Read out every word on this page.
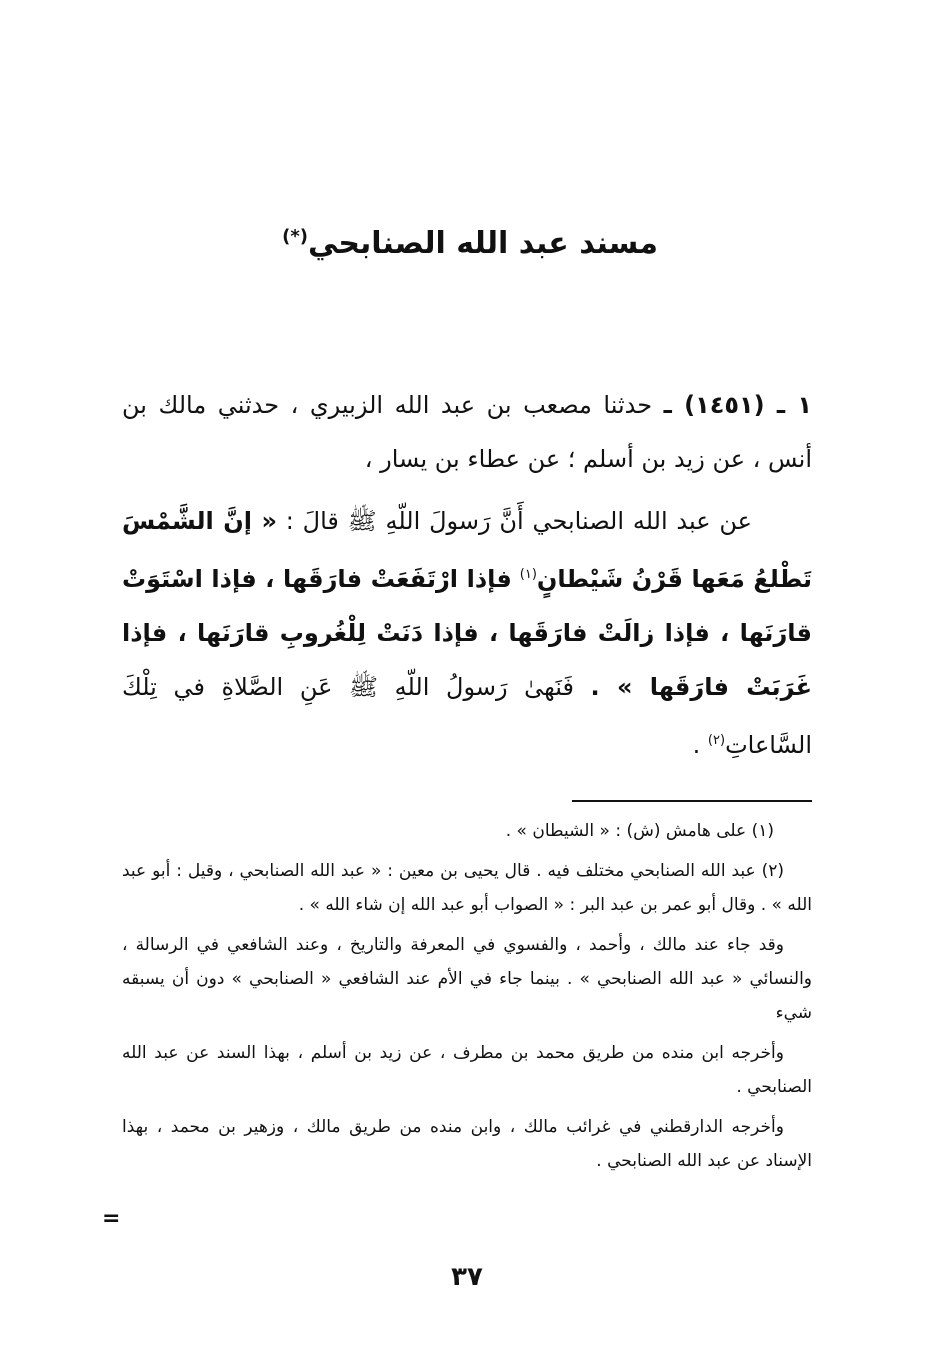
مسند عبد الله الصنابحي(*)
١ ـ (١٤٥١) ـ حدثنا مصعب بن عبد الله الزبيري ، حدثني مالك بن أنس ، عن زيد بن أسلم ؛ عن عطاء بن يسار ،
عن عبد الله الصنابحي أَنَّ رَسولَ اللّهِ ﷺ قالَ : « إنَّ الشَّمْسَ تَطْلعُ مَعَها قَرْنُ شَيْطانٍ$^{(١)}$ فإذا ارْتَفَعَتْ فارَقَها ، فإذا اسْتَوَتْ قارَنَها ، فإذا زالَتْ فارَقَها ، فإذا دَنَتْ لِلْغُروبِ قارَنَها ، فإذا غَرَبَتْ فارَقَها » . فَنَهىٰ رَسولُ اللّهِ ﷺ عَنِ الصَّلاةِ في تِلْكَ السَّاعاتِ$^{(٢)}$ .

(١) على هامش (ش) : « الشيطان » .

(٢) عبد الله الصنابحي مختلف فيه . قال يحيى بن معين : « عبد الله الصنابحي ، وقيل : أبو عبد الله » . وقال أبو عمر بن عبد البر : « الصواب أبو عبد الله إن شاء الله » .

وقد جاء عند مالك ، وأحمد ، والفسوي في المعرفة والتاريخ ، وعند الشافعي في الرسالة ، والنسائي « عبد الله الصنابحي » . بينما جاء في الأم عند الشافعي « الصنابحي » دون أن يسبقه شيء

وأخرجه ابن منده من طريق محمد بن مطرف ، عن زيد بن أسلم ، بهذا السند عن عبد الله الصنابحي .

وأخرجه الدارقطني في غرائب مالك ، وابن منده من طريق مالك ، وزهير بن محمد ، بهذا الإسناد عن عبد الله الصنابحي .

=
٣٧
